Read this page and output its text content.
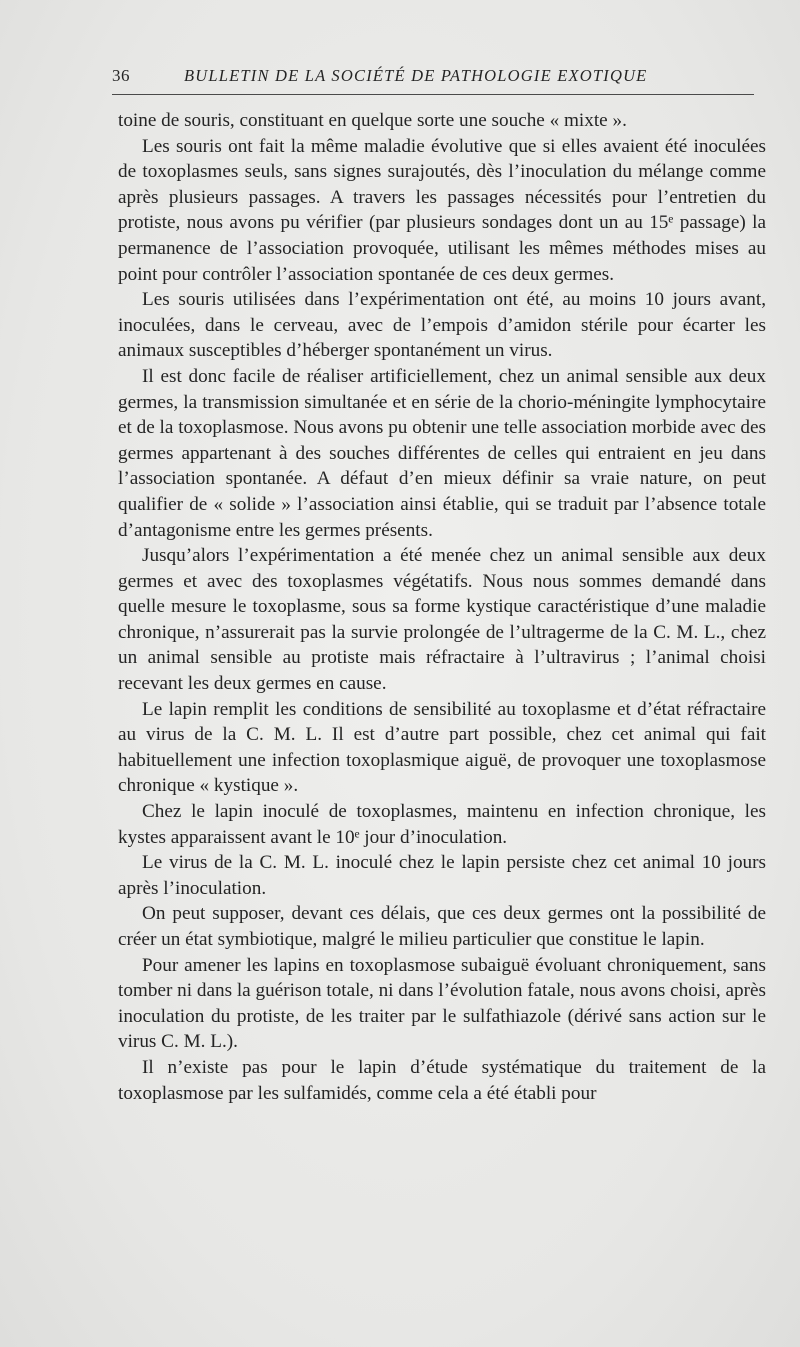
36	BULLETIN DE LA SOCIÉTÉ DE PATHOLOGIE EXOTIQUE

toine de souris, constituant en quelque sorte une souche « mixte ».

Les souris ont fait la même maladie évolutive que si elles avaient été inoculées de toxoplasmes seuls, sans signes surajoutés, dès l’inoculation du mélange comme après plusieurs passages. A travers les passages nécessités pour l’entretien du protiste, nous avons pu vérifier (par plusieurs sondages dont un au 15ᵉ passage) la permanence de l’association provoquée, utilisant les mêmes méthodes mises au point pour contrôler l’association spontanée de ces deux germes.

Les souris utilisées dans l’expérimentation ont été, au moins 10 jours avant, inoculées, dans le cerveau, avec de l’empois d’amidon stérile pour écarter les animaux susceptibles d’héberger spontanément un virus.

Il est donc facile de réaliser artificiellement, chez un animal sensible aux deux germes, la transmission simultanée et en série de la chorio-méningite lymphocytaire et de la toxoplasmose. Nous avons pu obtenir une telle association morbide avec des germes appartenant à des souches différentes de celles qui entraient en jeu dans l’association spontanée. A défaut d’en mieux définir sa vraie nature, on peut qualifier de « solide » l’association ainsi établie, qui se traduit par l’absence totale d’antagonisme entre les germes présents.

Jusqu’alors l’expérimentation a été menée chez un animal sensible aux deux germes et avec des toxoplasmes végétatifs. Nous nous sommes demandé dans quelle mesure le toxoplasme, sous sa forme kystique caractéristique d’une maladie chronique, n’assurerait pas la survie prolongée de l’ultragerme de la C. M. L., chez un animal sensible au protiste mais réfractaire à l’ultravirus ; l’animal choisi recevant les deux germes en cause.

Le lapin remplit les conditions de sensibilité au toxoplasme et d’état réfractaire au virus de la C. M. L. Il est d’autre part possible, chez cet animal qui fait habituellement une infection toxoplasmique aiguë, de provoquer une toxoplasmose chronique « kystique ».

Chez le lapin inoculé de toxoplasmes, maintenu en infection chronique, les kystes apparaissent avant le 10ᵉ jour d’inoculation.

Le virus de la C. M. L. inoculé chez le lapin persiste chez cet animal 10 jours après l’inoculation.

On peut supposer, devant ces délais, que ces deux germes ont la possibilité de créer un état symbiotique, malgré le milieu particulier que constitue le lapin.

Pour amener les lapins en toxoplasmose subaiguë évoluant chroniquement, sans tomber ni dans la guérison totale, ni dans l’évolution fatale, nous avons choisi, après inoculation du protiste, de les traiter par le sulfathiazole (dérivé sans action sur le virus C. M. L.).

Il n’existe pas pour le lapin d’étude systématique du traitement de la toxoplasmose par les sulfamidés, comme cela a été établi pour
